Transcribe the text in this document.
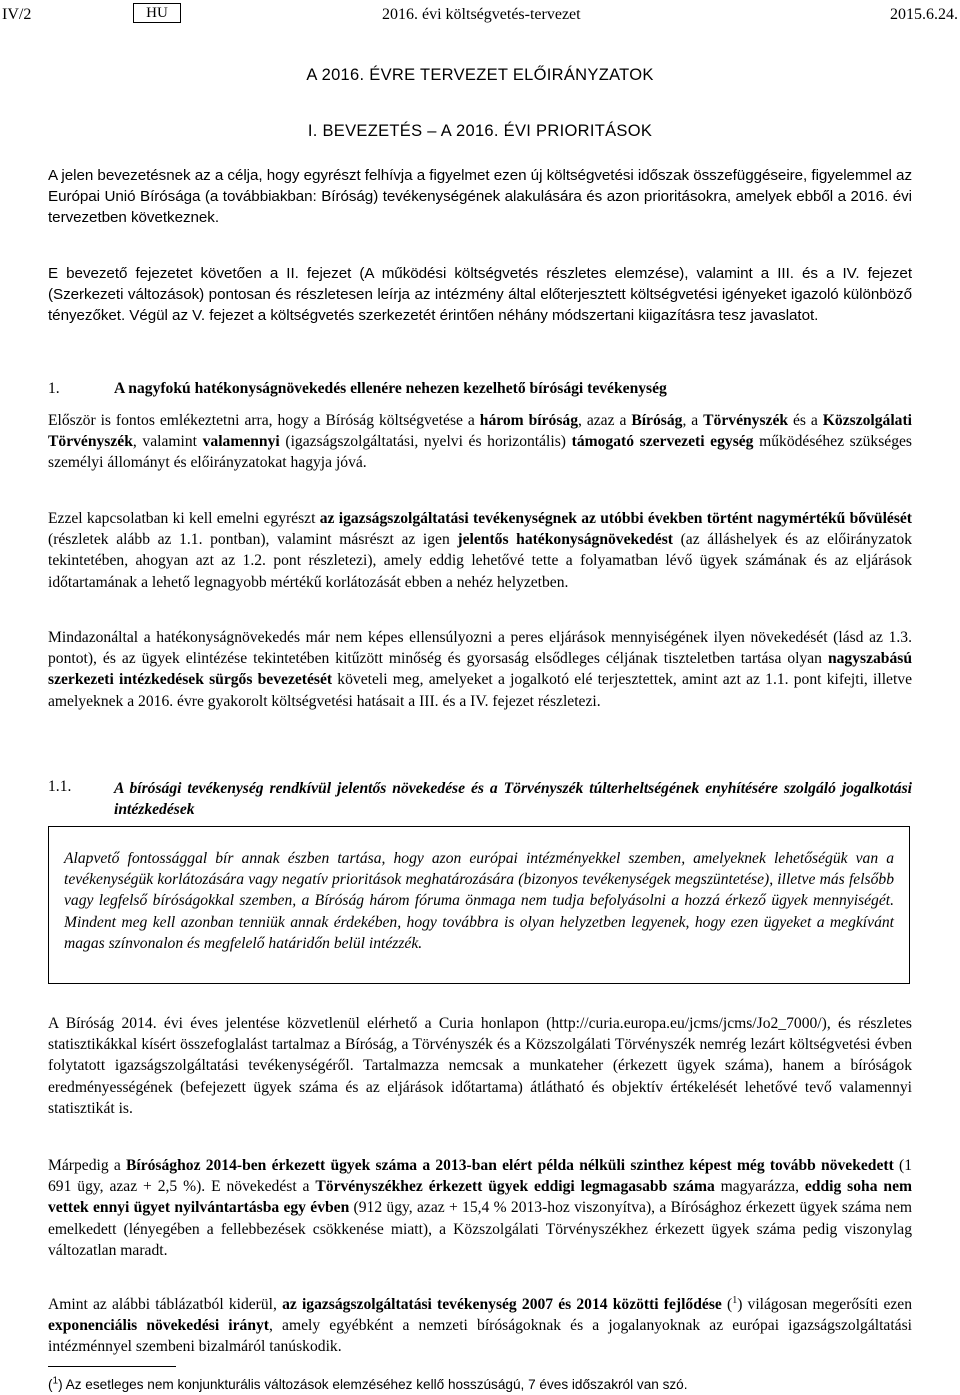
IV/2	HU	2016. évi költségvetés-tervezet	2015.6.24.
A 2016. ÉVRE TERVEZET ELŐIRÁNYZATOK
I. BEVEZETÉS – A 2016. ÉVI PRIORITÁSOK

A jelen bevezetésnek az a célja, hogy egyrészt felhívja a figyelmet ezen új költségvetési időszak összefüggéseire, figyelemmel az Európai Unió Bírósága (a továbbiakban: Bíróság) tevékenységének alakulására és azon prioritásokra, amelyek ebből a 2016. évi tervezetben következnek.

E bevezető fejezetet követően a II. fejezet (A működési költségvetés részletes elemzése), valamint a III. és a IV. fejezet (Szerkezeti változások) pontosan és részletesen leírja az intézmény által előterjesztett költségvetési igényeket igazoló különböző tényezőket. Végül az V. fejezet a költségvetés szerkezetét érintően néhány módszertani kiigazításra tesz javaslatot.

1.	A nagyfokú hatékonyságnövekedés ellenére nehezen kezelhető bírósági tevékenység

Először is fontos emlékeztetni arra, hogy a Bíróság költségvetése a három bíróság, azaz a Bíróság, a Törvényszék és a Közszolgálati Törvényszék, valamint valamennyi (igazságszolgáltatási, nyelvi és horizontális) támogató szervezeti egység működéséhez szükséges személyi állományt és előirányzatokat hagyja jóvá.

Ezzel kapcsolatban ki kell emelni egyrészt az igazságszolgáltatási tevékenységnek az utóbbi években történt nagymértékű bővülését (részletek alább az 1.1. pontban), valamint másrészt az igen jelentős hatékonyságnövekedést (az álláshelyek és az előirányzatok tekintetében, ahogyan azt az 1.2. pont részletezi), amely eddig lehetővé tette a folyamatban lévő ügyek számának és az eljárások időtartamának a lehető legnagyobb mértékű korlátozását ebben a nehéz helyzetben.

Mindazonáltal a hatékonyságnövekedés már nem képes ellensúlyozni a peres eljárások mennyiségének ilyen növekedését (lásd az 1.3. pontot), és az ügyek elintézése tekintetében kitűzött minőség és gyorsaság elsődleges céljának tiszteletben tartása olyan nagyszabású szerkezeti intézkedések sürgős bevezetését követeli meg, amelyeket a jogalkotó elé terjesztettek, amint azt az 1.1. pont kifejti, illetve amelyeknek a 2016. évre gyakorolt költségvetési hatásait a III. és a IV. fejezet részletezi.

1.1.	A bírósági tevékenység rendkívül jelentős növekedése és a Törvényszék túlterheltségének enyhítésére szolgáló jogalkotási intézkedések

Alapvető fontossággal bír annak észben tartása, hogy azon európai intézményekkel szemben, amelyeknek lehetőségük van a tevékenységük korlátozására vagy negatív prioritások meghatározására (bizonyos tevékenységek megszüntetése), illetve más felsőbb vagy legfelső bíróságokkal szemben, a Bíróság három fóruma önmaga nem tudja befolyásolni a hozzá érkező ügyek mennyiségét. Mindent meg kell azonban tenniük annak érdekében, hogy továbbra is olyan helyzetben legyenek, hogy ezen ügyeket a megkívánt magas színvonalon és megfelelő határidőn belül intézzék.

A Bíróság 2014. évi éves jelentése közvetlenül elérhető a Curia honlapon (http://curia.europa.eu/jcms/jcms/Jo2_7000/), és részletes statisztikákkal kísért összefoglalást tartalmaz a Bíróság, a Törvényszék és a Közszolgálati Törvényszék nemrég lezárt költségvetési évben folytatott igazságszolgáltatási tevékenységéről. Tartalmazza nemcsak a munkateher (érkezett ügyek száma), hanem a bíróságok eredményességének (befejezett ügyek száma és az eljárások időtartama) átlátható és objektív értékelését lehetővé tevő valamennyi statisztikát is.

Márpedig a Bírósághoz 2014-ben érkezett ügyek száma a 2013-ban elért példa nélküli szinthez képest még tovább növekedett (1 691 ügy, azaz + 2,5 %). E növekedést a Törvényszékhez érkezett ügyek eddigi legmagasabb száma magyarázza, eddig soha nem vettek ennyi ügyet nyilvántartásba egy évben (912 ügy, azaz + 15,4 % 2013-hoz viszonyítva), a Bírósághoz érkezett ügyek száma nem emelkedett (lényegében a fellebbezések csökkenése miatt), a Közszolgálati Törvényszékhez érkezett ügyek száma pedig viszonylag változatlan maradt.

Amint az alábbi táblázatból kiderül, az igazságszolgáltatási tevékenység 2007 és 2014 közötti fejlődése ($^1$) világosan megerősíti ezen exponenciális növekedési irányt, amely egyébként a nemzeti bíróságoknak és a jogalanyoknak az európai igazságszolgáltatási intézménnyel szembeni bizalmáról tanúskodik.

($^1$) Az esetleges nem konjunkturális változások elemzéséhez kellő hosszúságú, 7 éves időszakról van szó.
